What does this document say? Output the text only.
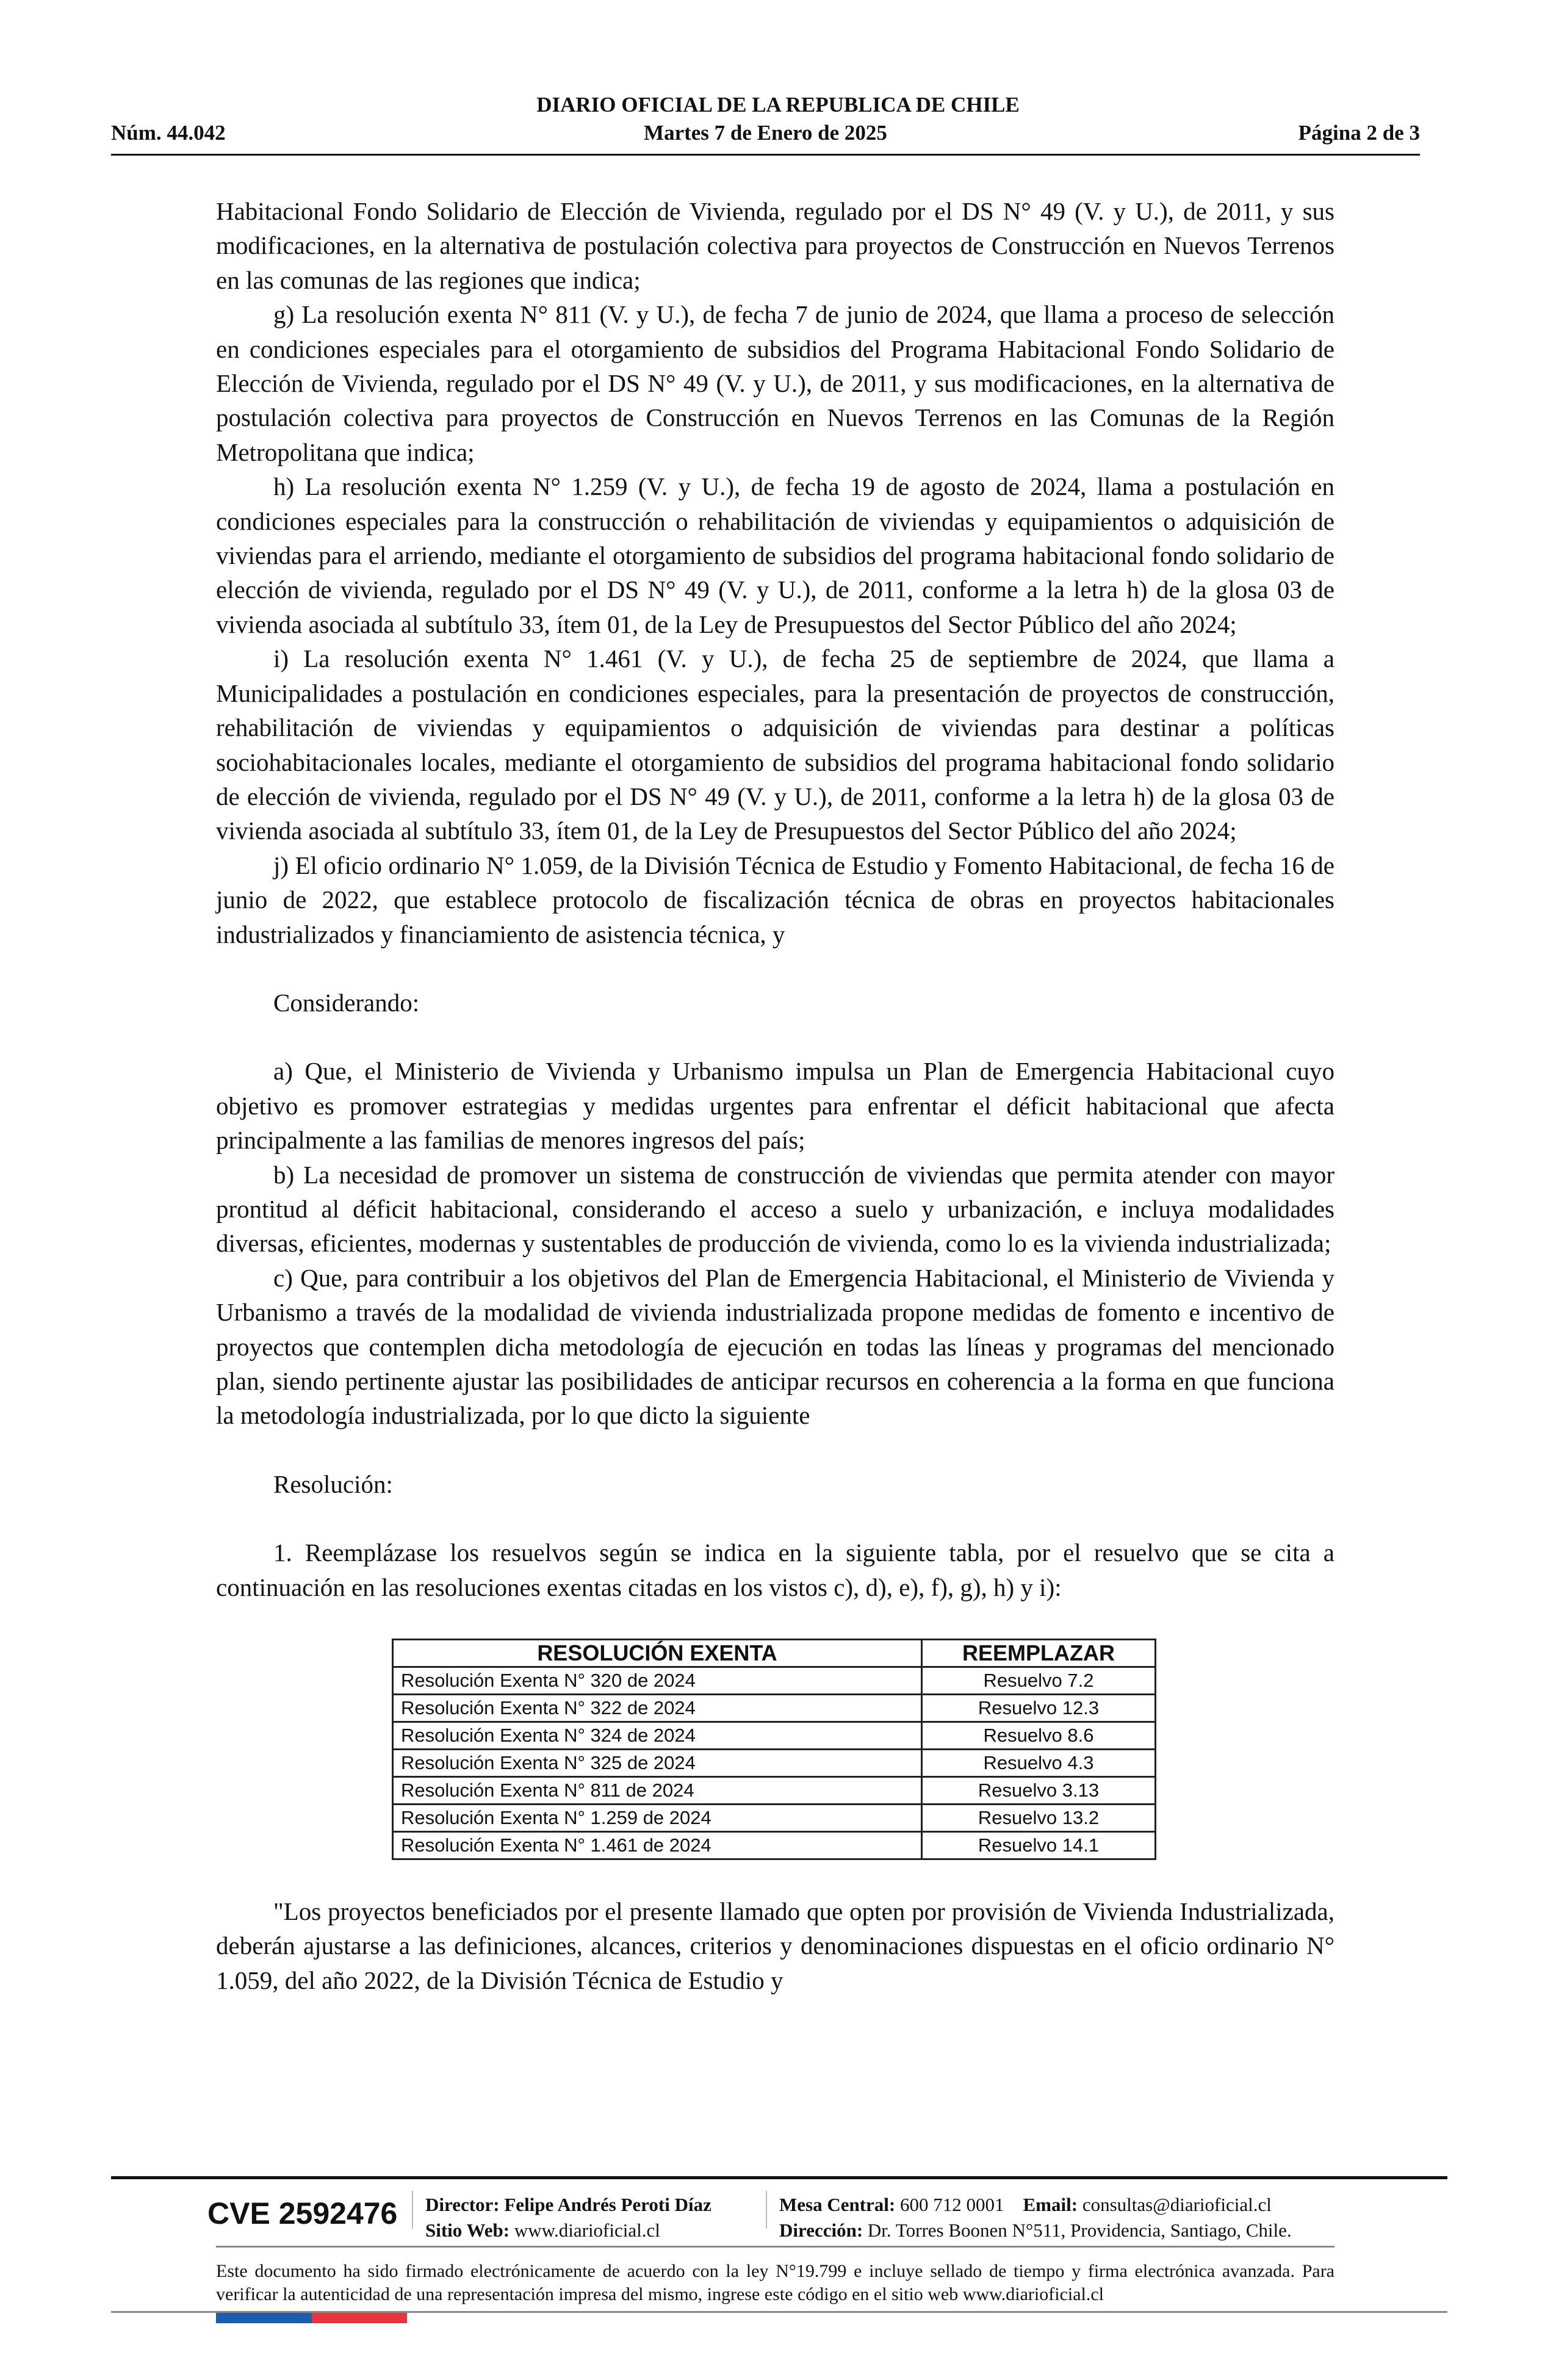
DIARIO OFICIAL DE LA REPUBLICA DE CHILE
Núm. 44.042	Martes 7 de Enero de 2025	Página 2 de 3

Habitacional Fondo Solidario de Elección de Vivienda, regulado por el DS N° 49 (V. y U.), de 2011, y sus modificaciones, en la alternativa de postulación colectiva para proyectos de Construcción en Nuevos Terrenos en las comunas de las regiones que indica;

g) La resolución exenta N° 811 (V. y U.), de fecha 7 de junio de 2024, que llama a proceso de selección en condiciones especiales para el otorgamiento de subsidios del Programa Habitacional Fondo Solidario de Elección de Vivienda, regulado por el DS N° 49 (V. y U.), de 2011, y sus modificaciones, en la alternativa de postulación colectiva para proyectos de Construcción en Nuevos Terrenos en las Comunas de la Región Metropolitana que indica;

h) La resolución exenta N° 1.259 (V. y U.), de fecha 19 de agosto de 2024, llama a postulación en condiciones especiales para la construcción o rehabilitación de viviendas y equipamientos o adquisición de viviendas para el arriendo, mediante el otorgamiento de subsidios del programa habitacional fondo solidario de elección de vivienda, regulado por el DS N° 49 (V. y U.), de 2011, conforme a la letra h) de la glosa 03 de vivienda asociada al subtítulo 33, ítem 01, de la Ley de Presupuestos del Sector Público del año 2024;

i) La resolución exenta N° 1.461 (V. y U.), de fecha 25 de septiembre de 2024, que llama a Municipalidades a postulación en condiciones especiales, para la presentación de proyectos de construcción, rehabilitación de viviendas y equipamientos o adquisición de viviendas para destinar a políticas sociohabitacionales locales, mediante el otorgamiento de subsidios del programa habitacional fondo solidario de elección de vivienda, regulado por el DS N° 49 (V. y U.), de 2011, conforme a la letra h) de la glosa 03 de vivienda asociada al subtítulo 33, ítem 01, de la Ley de Presupuestos del Sector Público del año 2024;

j) El oficio ordinario N° 1.059, de la División Técnica de Estudio y Fomento Habitacional, de fecha 16 de junio de 2022, que establece protocolo de fiscalización técnica de obras en proyectos habitacionales industrializados y financiamiento de asistencia técnica, y

Considerando:

a) Que, el Ministerio de Vivienda y Urbanismo impulsa un Plan de Emergencia Habitacional cuyo objetivo es promover estrategias y medidas urgentes para enfrentar el déficit habitacional que afecta principalmente a las familias de menores ingresos del país;

b) La necesidad de promover un sistema de construcción de viviendas que permita atender con mayor prontitud al déficit habitacional, considerando el acceso a suelo y urbanización, e incluya modalidades diversas, eficientes, modernas y sustentables de producción de vivienda, como lo es la vivienda industrializada;

c) Que, para contribuir a los objetivos del Plan de Emergencia Habitacional, el Ministerio de Vivienda y Urbanismo a través de la modalidad de vivienda industrializada propone medidas de fomento e incentivo de proyectos que contemplen dicha metodología de ejecución en todas las líneas y programas del mencionado plan, siendo pertinente ajustar las posibilidades de anticipar recursos en coherencia a la forma en que funciona la metodología industrializada, por lo que dicto la siguiente

Resolución:

1. Reemplázase los resuelvos según se indica en la siguiente tabla, por el resuelvo que se cita a continuación en las resoluciones exentas citadas en los vistos c), d), e), f), g), h) y i):

RESOLUCIÓN EXENTA	REEMPLAZAR
Resolución Exenta N° 320 de 2024	Resuelvo 7.2
Resolución Exenta N° 322 de 2024	Resuelvo 12.3
Resolución Exenta N° 324 de 2024	Resuelvo 8.6
Resolución Exenta N° 325 de 2024	Resuelvo 4.3
Resolución Exenta N° 811 de 2024	Resuelvo 3.13
Resolución Exenta N° 1.259 de 2024	Resuelvo 13.2
Resolución Exenta N° 1.461 de 2024	Resuelvo 14.1

"Los proyectos beneficiados por el presente llamado que opten por provisión de Vivienda Industrializada, deberán ajustarse a las definiciones, alcances, criterios y denominaciones dispuestas en el oficio ordinario N° 1.059, del año 2022, de la División Técnica de Estudio y

CVE 2592476 Director: Felipe Andrés Peroti Díaz
Sitio Web: www.diarioficial.cl
Mesa Central: 600 712 0001 Email: consultas@diarioficial.cl
Dirección: Dr. Torres Boonen N°511, Providencia, Santiago, Chile.
Este documento ha sido firmado electrónicamente de acuerdo con la ley N°19.799 e incluye sellado de tiempo y firma electrónica avanzada. Para verificar la autenticidad de una representación impresa del mismo, ingrese este código en el sitio web www.diarioficial.cl
